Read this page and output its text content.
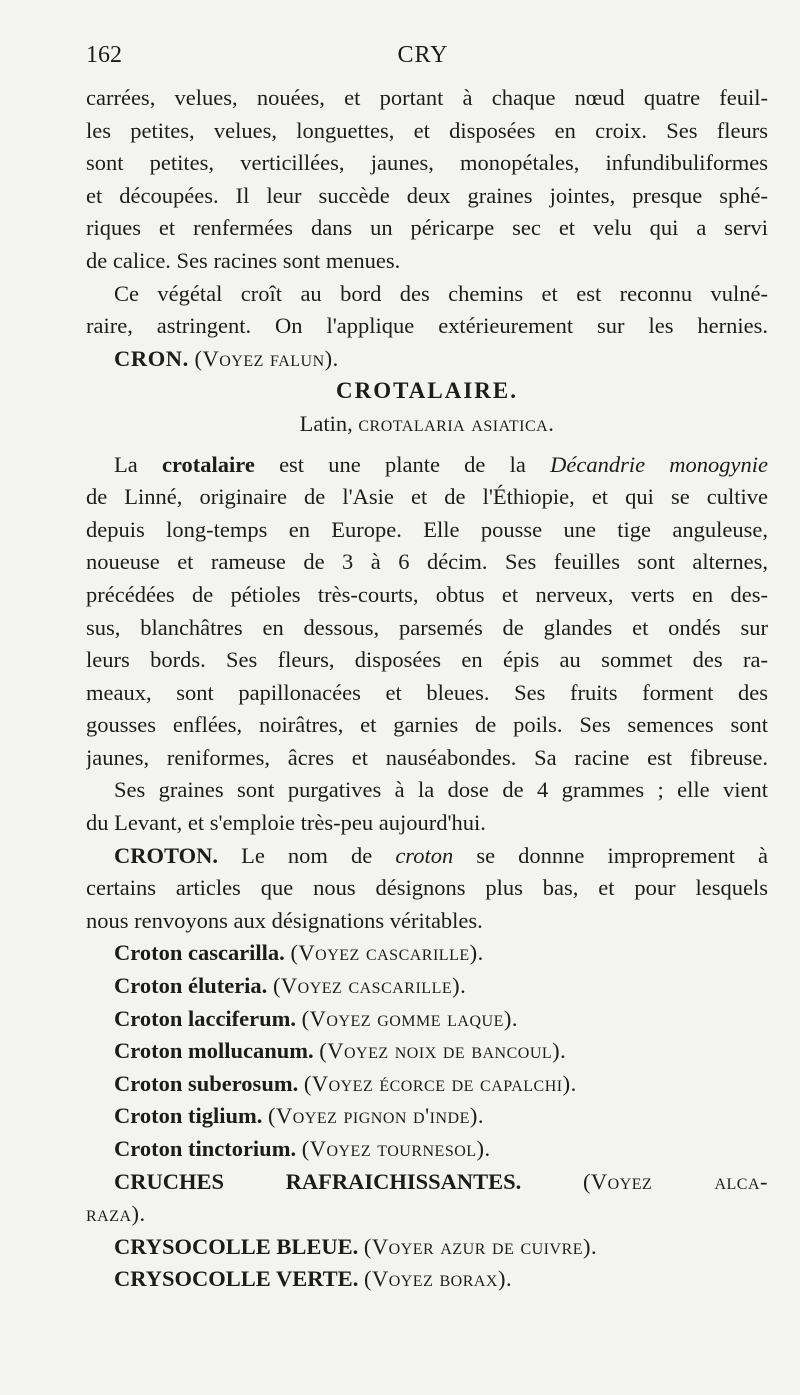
162	CRY
carrées, velues, nouées, et portant à chaque nœud quatre feuil-
les petites, velues, longuettes, et disposées en croix. Ses fleurs
sont petites, verticillées, jaunes, monopétales, infundibuliformes
et découpées. Il leur succède deux graines jointes, presque sphé-
riques et renfermées dans un péricarpe sec et velu qui a servi
de calice. Ses racines sont menues.
Ce végétal croît au bord des chemins et est reconnu vulné-
raire, astringent. On l'applique extérieurement sur les hernies.
CRON. (Voyez falun).
CROTALAIRE.
Latin, crotalaria asiatica.
La crotalaire est une plante de la Décandrie monogynie
de Linné, originaire de l'Asie et de l'Éthiopie, et qui se cultive
depuis long-temps en Europe. Elle pousse une tige anguleuse,
noueuse et rameuse de 3 à 6 décim. Ses feuilles sont alternes,
précédées de pétioles très-courts, obtus et nerveux, verts en des-
sus, blanchâtres en dessous, parsemés de glandes et ondés sur
leurs bords. Ses fleurs, disposées en épis au sommet des ra-
meaux, sont papillonacées et bleues. Ses fruits forment des
gousses enflées, noirâtres, et garnies de poils. Ses semences sont
jaunes, reniformes, âcres et nauséabondes. Sa racine est fibreuse.
Ses graines sont purgatives à la dose de 4 grammes ; elle vient
du Levant, et s'emploie très-peu aujourd'hui.
CROTON. Le nom de croton se donnne improprement à
certains articles que nous désignons plus bas, et pour lesquels
nous renvoyons aux désignations véritables.
Croton cascarilla. (Voyez cascarille).
Croton éluteria. (Voyez cascarille).
Croton lacciferum. (Voyez gomme laque).
Croton mollucanum. (Voyez noix de bancoul).
Croton suberosum. (Voyez écorce de capalchi).
Croton tiglium. (Voyez pignon d'inde).
Croton tinctorium. (Voyez tournesol).
CRUCHES RAFRAICHISSANTES.	(Voyez alca-
raza).
CRYSOCOLLE BLEUE. (Voyer azur de cuivre).
CRYSOCOLLE VERTE. (Voyez borax).
